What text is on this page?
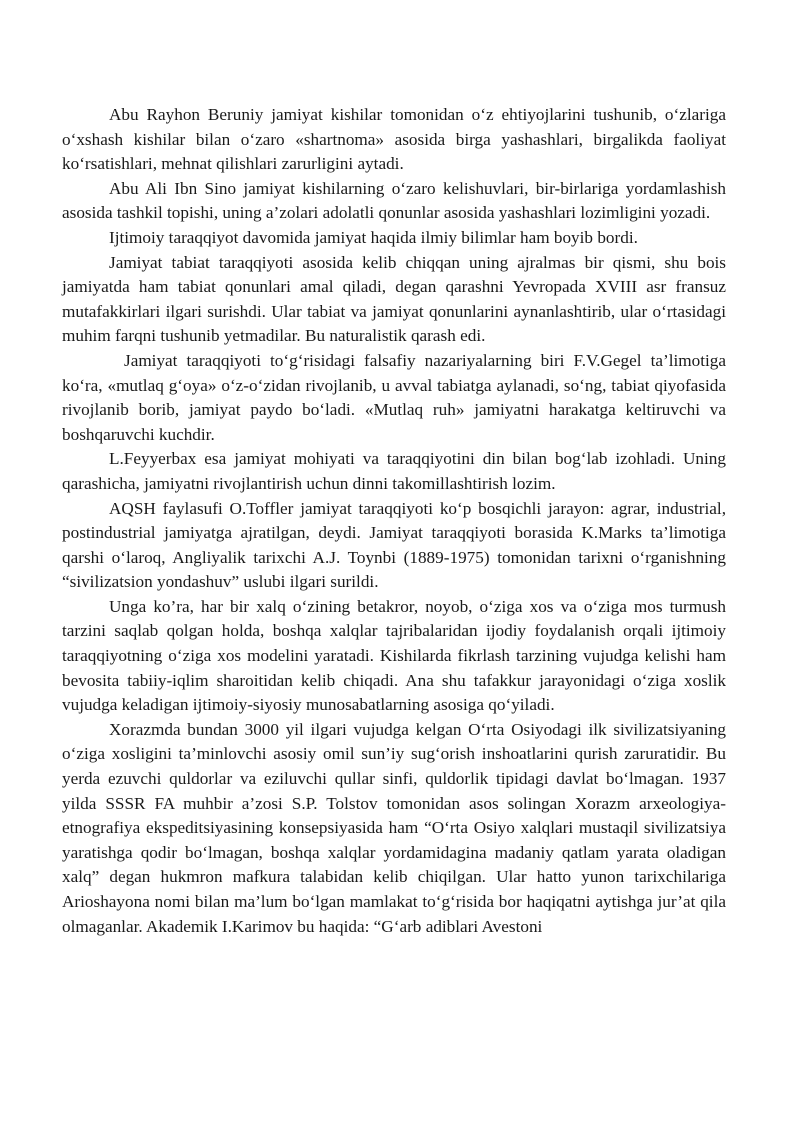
Abu Rayhon Beruniy jamiyat kishilar tomonidan o‘z ehtiyojlarini tushunib, o‘zlariga o‘xshash kishilar bilan o‘zaro «shartnoma» asosida birga yashashlari, birgalikda faoliyat ko‘rsatishlari, mehnat qilishlari zarurligini aytadi.

Abu Ali Ibn Sino jamiyat kishilarning o‘zaro kelishuvlari, bir-birlariga yordamlashish asosida tashkil topishi, uning a’zolari adolatli qonunlar asosida yashashlari lozimligini yozadi.

Ijtimoiy taraqqiyot davomida jamiyat haqida ilmiy bilimlar ham boyib bordi.

Jamiyat tabiat taraqqiyoti asosida kelib chiqqan uning ajralmas bir qismi, shu bois jamiyatda ham tabiat qonunlari amal qiladi, degan qarashni Yevropada XVIII asr fransuz mutafakkirlari ilgari surishdi. Ular tabiat va jamiyat qonunlarini aynanlashtirib, ular o‘rtasidagi muhim farqni tushunib yetmadilar. Bu naturalistik qarash edi.

Jamiyat taraqqiyoti to‘g‘risidagi falsafiy nazariyalarning biri F.V.Gegel ta’limotiga ko‘ra, «mutlaq g‘oya» o‘z-o‘zidan rivojlanib, u avval tabiatga aylanadi, so‘ng, tabiat qiyofasida rivojlanib borib, jamiyat paydo bo‘ladi. «Mutlaq ruh» jamiyatni harakatga keltiruvchi va boshqaruvchi kuchdir.

L.Feyyerbax esa jamiyat mohiyati va taraqqiyotini din bilan bog‘lab izohladi. Uning qarashicha, jamiyatni rivojlantirish uchun dinni takomillashtirish lozim.

AQSH faylasufi O.Toffler jamiyat taraqqiyoti ko‘p bosqichli jarayon: agrar, industrial, postindustrial jamiyatga ajratilgan, deydi. Jamiyat taraqqiyoti borasida K.Marks ta’limotiga qarshi o‘laroq, Angliyalik tarixchi A.J. Toynbi (1889-1975) tomonidan tarixni o‘rganishning “sivilizatsion yondashuv” uslubi ilgari surildi.

Unga ko’ra, har bir xalq o‘zining betakror, noyob, o‘ziga xos va o‘ziga mos turmush tarzini saqlab qolgan holda, boshqa xalqlar tajribalaridan ijodiy foydalanish orqali ijtimoiy taraqqiyotning o‘ziga xos modelini yaratadi. Kishilarda fikrlash tarzining vujudga kelishi ham bevosita tabiiy-iqlim sharoitidan kelib chiqadi. Ana shu tafakkur jarayonidagi o‘ziga xoslik vujudga keladigan ijtimoiy-siyosiy munosabatlarning asosiga qo‘yiladi.

Xorazmda bundan 3000 yil ilgari vujudga kelgan O‘rta Osiyodagi ilk sivilizatsiyaning o‘ziga xosligini ta’minlovchi asosiy omil sun’iy sug‘orish inshoatlarini qurish zaruratidir. Bu yerda ezuvchi quldorlar va eziluvchi qullar sinfi, quldorlik tipidagi davlat bo‘lmagan. 1937 yilda SSSR FA muhbir a’zosi S.P. Tolstov tomonidan asos solingan Xorazm arxeologiya-etnografiya ekspeditsiyasining konsepsiyasida ham “O‘rta Osiyo xalqlari mustaqil sivilizatsiya yaratishga qodir bo‘lmagan, boshqa xalqlar yordamidagina madaniy qatlam yarata oladigan xalq” degan hukmron mafkura talabidan kelib chiqilgan. Ular hatto yunon tarixchilariga Arioshayona nomi bilan ma’lum bo‘lgan mamlakat to‘g‘risida bor haqiqatni aytishga jur’at qila olmaganlar. Akademik I.Karimov bu haqida: “G‘arb adiblari Avestoni
